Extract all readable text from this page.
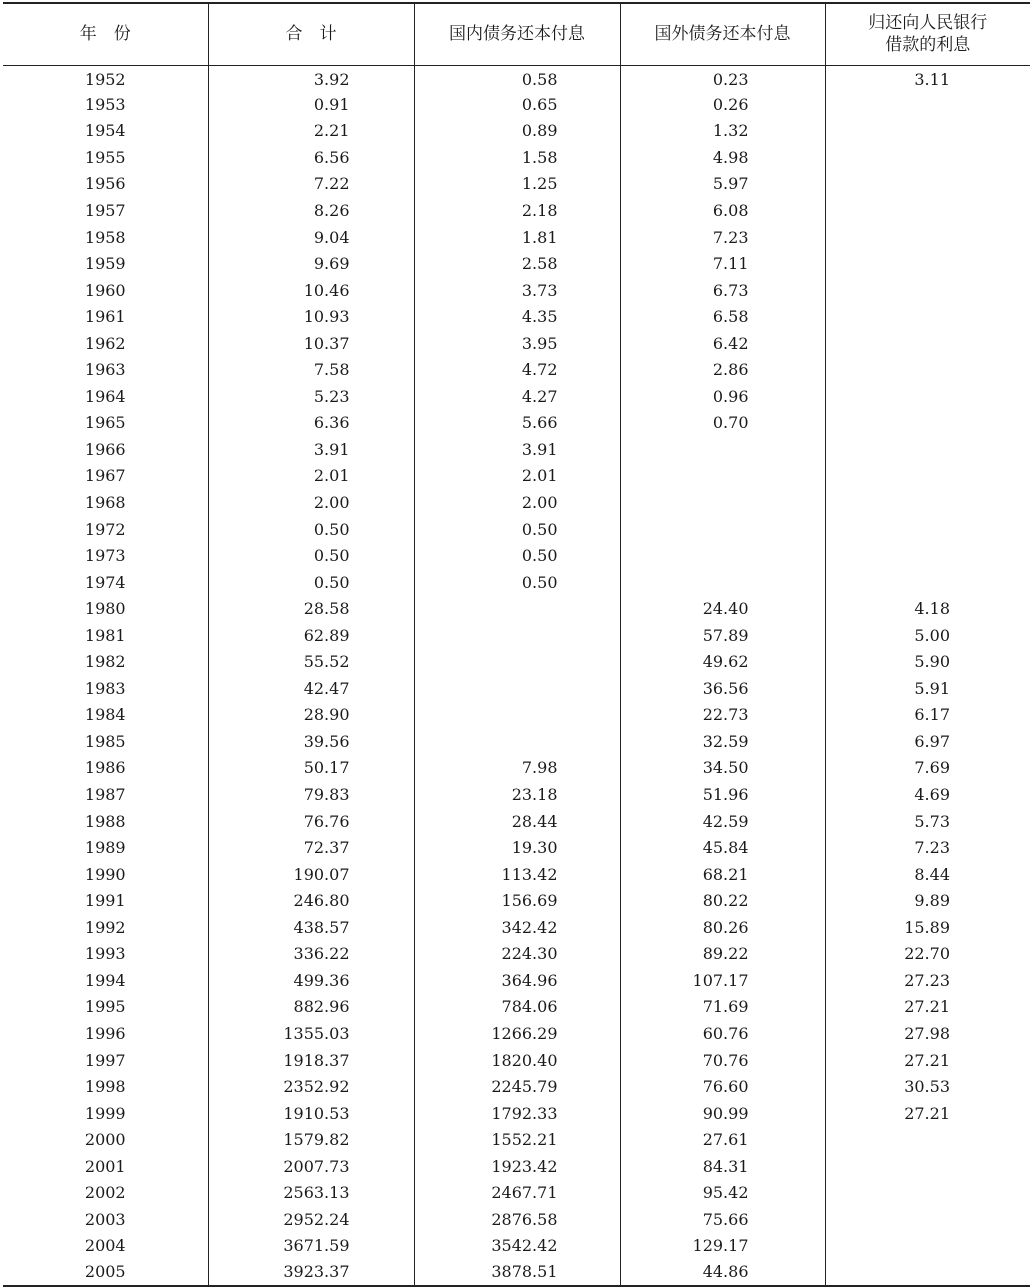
年　份	合　计	国内债务还本付息	国外债务还本付息	归还向人民银行
借款的利息
1952	3.92	0.58	0.23	3.11
1953	0.91	0.65	0.26	
1954	2.21	0.89	1.32	
1955	6.56	1.58	4.98	
1956	7.22	1.25	5.97	
1957	8.26	2.18	6.08	
1958	9.04	1.81	7.23	
1959	9.69	2.58	7.11	
1960	10.46	3.73	6.73	
1961	10.93	4.35	6.58	
1962	10.37	3.95	6.42	
1963	7.58	4.72	2.86	
1964	5.23	4.27	0.96	
1965	6.36	5.66	0.70	
1966	3.91	3.91		
1967	2.01	2.01		
1968	2.00	2.00		
1972	0.50	0.50		
1973	0.50	0.50		
1974	0.50	0.50		
1980	28.58		24.40	4.18
1981	62.89		57.89	5.00
1982	55.52		49.62	5.90
1983	42.47		36.56	5.91
1984	28.90		22.73	6.17
1985	39.56		32.59	6.97
1986	50.17	7.98	34.50	7.69
1987	79.83	23.18	51.96	4.69
1988	76.76	28.44	42.59	5.73
1989	72.37	19.30	45.84	7.23
1990	190.07	113.42	68.21	8.44
1991	246.80	156.69	80.22	9.89
1992	438.57	342.42	80.26	15.89
1993	336.22	224.30	89.22	22.70
1994	499.36	364.96	107.17	27.23
1995	882.96	784.06	71.69	27.21
1996	1355.03	1266.29	60.76	27.98
1997	1918.37	1820.40	70.76	27.21
1998	2352.92	2245.79	76.60	30.53
1999	1910.53	1792.33	90.99	27.21
2000	1579.82	1552.21	27.61	
2001	2007.73	1923.42	84.31	
2002	2563.13	2467.71	95.42	
2003	2952.24	2876.58	75.66	
2004	3671.59	3542.42	129.17	
2005	3923.37	3878.51	44.86	
